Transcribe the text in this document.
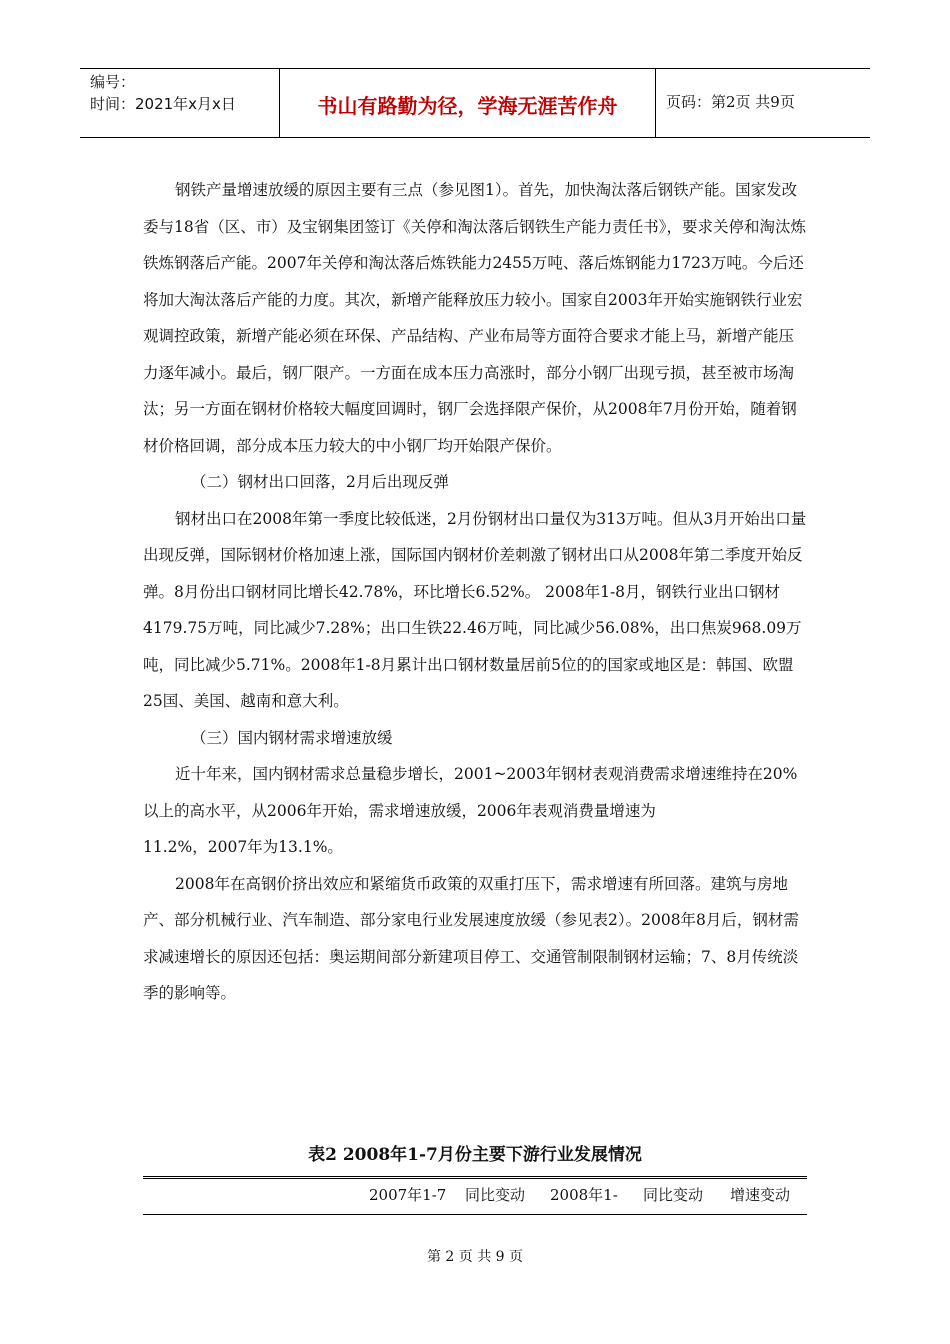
编号：
时间：2021年x月x日	书山有路勤为径，学海无涯苦作舟	页码：第2页 共9页

钢铁产量增速放缓的原因主要有三点（参见图1）。首先，加快淘汰落后钢铁产能。国家发改委与18省（区、市）及宝钢集团签订《关停和淘汰落后钢铁生产能力责任书》，要求关停和淘汰炼铁炼钢落后产能。2007年关停和淘汰落后炼铁能力2455万吨、落后炼钢能力1723万吨。今后还将加大淘汰落后产能的力度。其次，新增产能释放压力较小。国家自2003年开始实施钢铁行业宏观调控政策，新增产能必须在环保、产品结构、产业布局等方面符合要求才能上马，新增产能压力逐年减小。最后，钢厂限产。一方面在成本压力高涨时，部分小钢厂出现亏损，甚至被市场淘汰；另一方面在钢材价格较大幅度回调时，钢厂会选择限产保价，从2008年7月份开始，随着钢材价格回调，部分成本压力较大的中小钢厂均开始限产保价。

（二）钢材出口回落，2月后出现反弹

钢材出口在2008年第一季度比较低迷，2月份钢材出口量仅为313万吨。但从3月开始出口量出现反弹，国际钢材价格加速上涨，国际国内钢材价差刺激了钢材出口从2008年第二季度开始反弹。8月份出口钢材同比增长42.78%，环比增长6.52%。 2008年1-8月，钢铁行业出口钢材4179.75万吨，同比减少7.28%；出口生铁22.46万吨，同比减少56.08%，出口焦炭968.09万吨，同比减少5.71%。2008年1-8月累计出口钢材数量居前5位的的国家或地区是：韩国、欧盟25国、美国、越南和意大利。

（三）国内钢材需求增速放缓

近十年来，国内钢材需求总量稳步增长，2001~2003年钢材表观消费需求增速维持在20%以上的高水平，从2006年开始，需求增速放缓，2006年表观消费量增速为

11.2%，2007年为13.1%。

2008年在高钢价挤出效应和紧缩货币政策的双重打压下，需求增速有所回落。建筑与房地产、部分机械行业、汽车制造、部分家电行业发展速度放缓（参见表2）。2008年8月后，钢材需求减速增长的原因还包括：奥运期间部分新建项目停工、交通管制限制钢材运输；7、8月传统淡季的影响等。

表2 2008年1-7月份主要下游行业发展情况
2007年1-7 同比变动 2008年1- 同比变动 增速变动
第 2 页 共 9 页
